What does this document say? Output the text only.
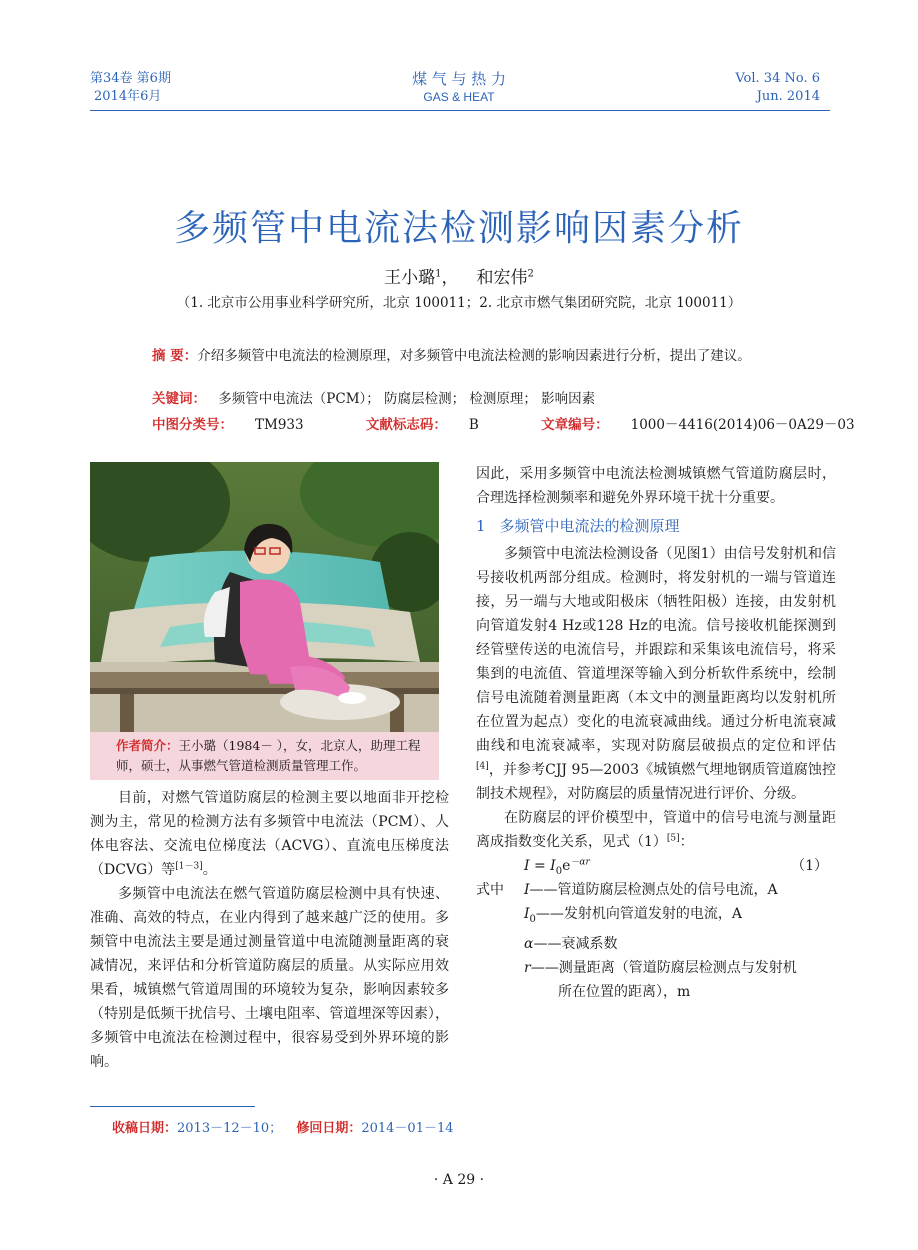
第34卷 第6期
2014年6月
煤 气 与 热 力
GAS & HEAT
Vol. 34 No. 6
Jun. 2014
多频管中电流法检测影响因素分析
王小璐$^1$， 和宏伟$^2$
（1. 北京市公用事业科学研究所，北京 100011；2. 北京市燃气集团研究院，北京 100011）

摘 要：介绍多频管中电流法的检测原理，对多频管中电流法检测的影响因素进行分析，提出了建议。

关键词： 多频管中电流法（PCM）； 防腐层检测； 检测原理； 影响因素
中图分类号： TM933	文献标志码： B	文章编号： 1000－4416(2014)06－0A29－03
作者简介：王小璐（1984－ ），女，北京人，助理工程师，硕士，从事燃气管道检测质量管理工作。

目前，对燃气管道防腐层的检测主要以地面非开挖检测为主，常见的检测方法有多频管中电流法（PCM）、人体电容法、交流电位梯度法（ACVG）、直流电压梯度法（DCVG）等[1－3]。

多频管中电流法在燃气管道防腐层检测中具有快速、准确、高效的特点，在业内得到了越来越广泛的使用。多频管中电流法主要是通过测量管道中电流随测量距离的衰减情况，来评估和分析管道防腐层的质量。从实际应用效果看，城镇燃气管道周围的环境较为复杂，影响因素较多（特别是低频干扰信号、土壤电阻率、管道埋深等因素），多频管中电流法在检测过程中，很容易受到外界环境的影响。

因此，采用多频管中电流法检测城镇燃气管道防腐层时，合理选择检测频率和避免外界环境干扰十分重要。

1 多频管中电流法的检测原理

多频管中电流法检测设备（见图1）由信号发射机和信号接收机两部分组成。检测时，将发射机的一端与管道连接，另一端与大地或阳极床（牺牲阳极）连接，由发射机向管道发射4 Hz或128 Hz的电流。信号接收机能探测到经管壁传送的电流信号，并跟踪和采集该电流信号，将采集到的电流值、管道埋深等输入到分析软件系统中，绘制信号电流随着测量距离（本文中的测量距离均以发射机所在位置为起点）变化的电流衰减曲线。通过分析电流衰减曲线和电流衰减率，实现对防腐层破损点的定位和评估[4]，并参考CJJ 95—2003《城镇燃气埋地钢质管道腐蚀控制技术规程》，对防腐层的质量情况进行评价、分级。

在防腐层的评价模型中，管道中的信号电流与测量距离成指数变化关系，见式（1）[5]：

$I = I_0e^{-\alpha r}$	（1）
式中 I——管道防腐层检测点处的信号电流，A
$I_0——$发射机向管道发射的电流，A
α——衰减系数
r——测量距离（管道防腐层检测点与发射机
所在位置的距离），m
收稿日期：2013－12－10； 修回日期：2014－01－14
· A 29 ·
